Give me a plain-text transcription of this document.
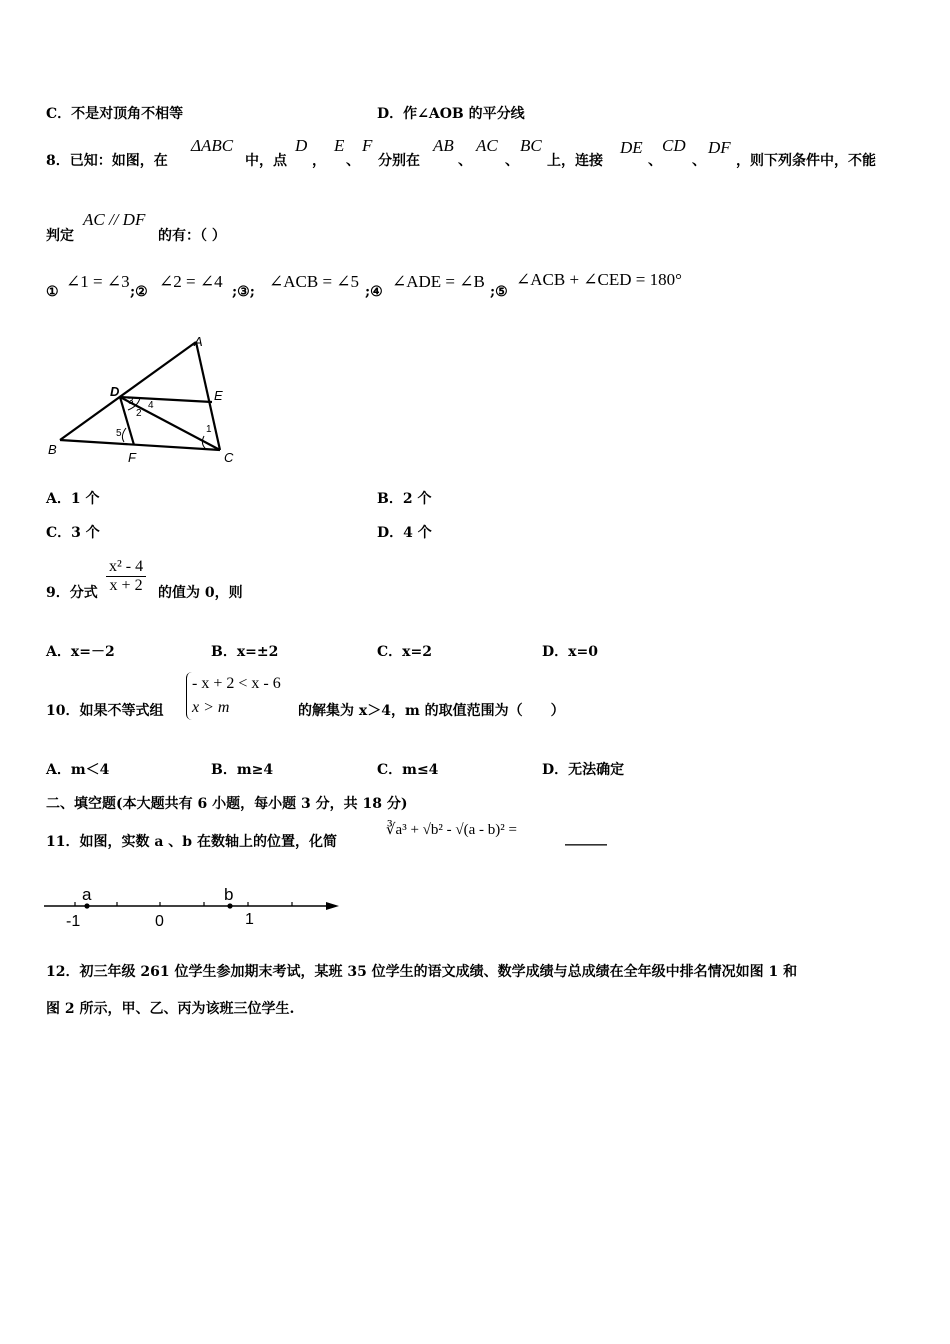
C．不是对顶角不相等	D．作∠AOB 的平分线
8．已知：如图，在
ΔABC
中，点
D
，
E
、
F
分别在
AB
、
AC
、
BC
上，连接
DE
、
CD
、
DF
，则下列条件中，不能
判定
AC // DF
的有：（ ）
①
∠1 = ∠3
;②
∠2 = ∠4
;③;
∠ACB = ∠5
;④
∠ADE = ∠B
;⑤
∠ACB + ∠CED = 180°
A
B
C
D	E
F
1
2
3 4
5
A．1 个	B．2 个
C．3 个	D．4 个
9．分式 $\frac{\text{x² - 4}}{x + 2}$ 的值为 0，则
A．x=－2	B．x=±2	C．x=2	D．x=0
10．如果不等式组
- x + 2 < x - 6
x > m	的解集为 x＞4，m 的取值范围为（　　）
A．m＜4	B．m≥4	C．m≤4	D．无法确定
二、填空题(本大题共有 6 小题，每小题 3 分，共 18 分)
11．如图，实数 a 、b 在数轴上的位置，化简
∛a³ + √b² - √(a - b)² =	______
a	b
-1	0	1
12．初三年级 261 位学生参加期末考试，某班 35 位学生的语文成绩、数学成绩与总成绩在全年级中排名情况如图 1 和
图 2 所示，甲、乙、丙为该班三位学生.
